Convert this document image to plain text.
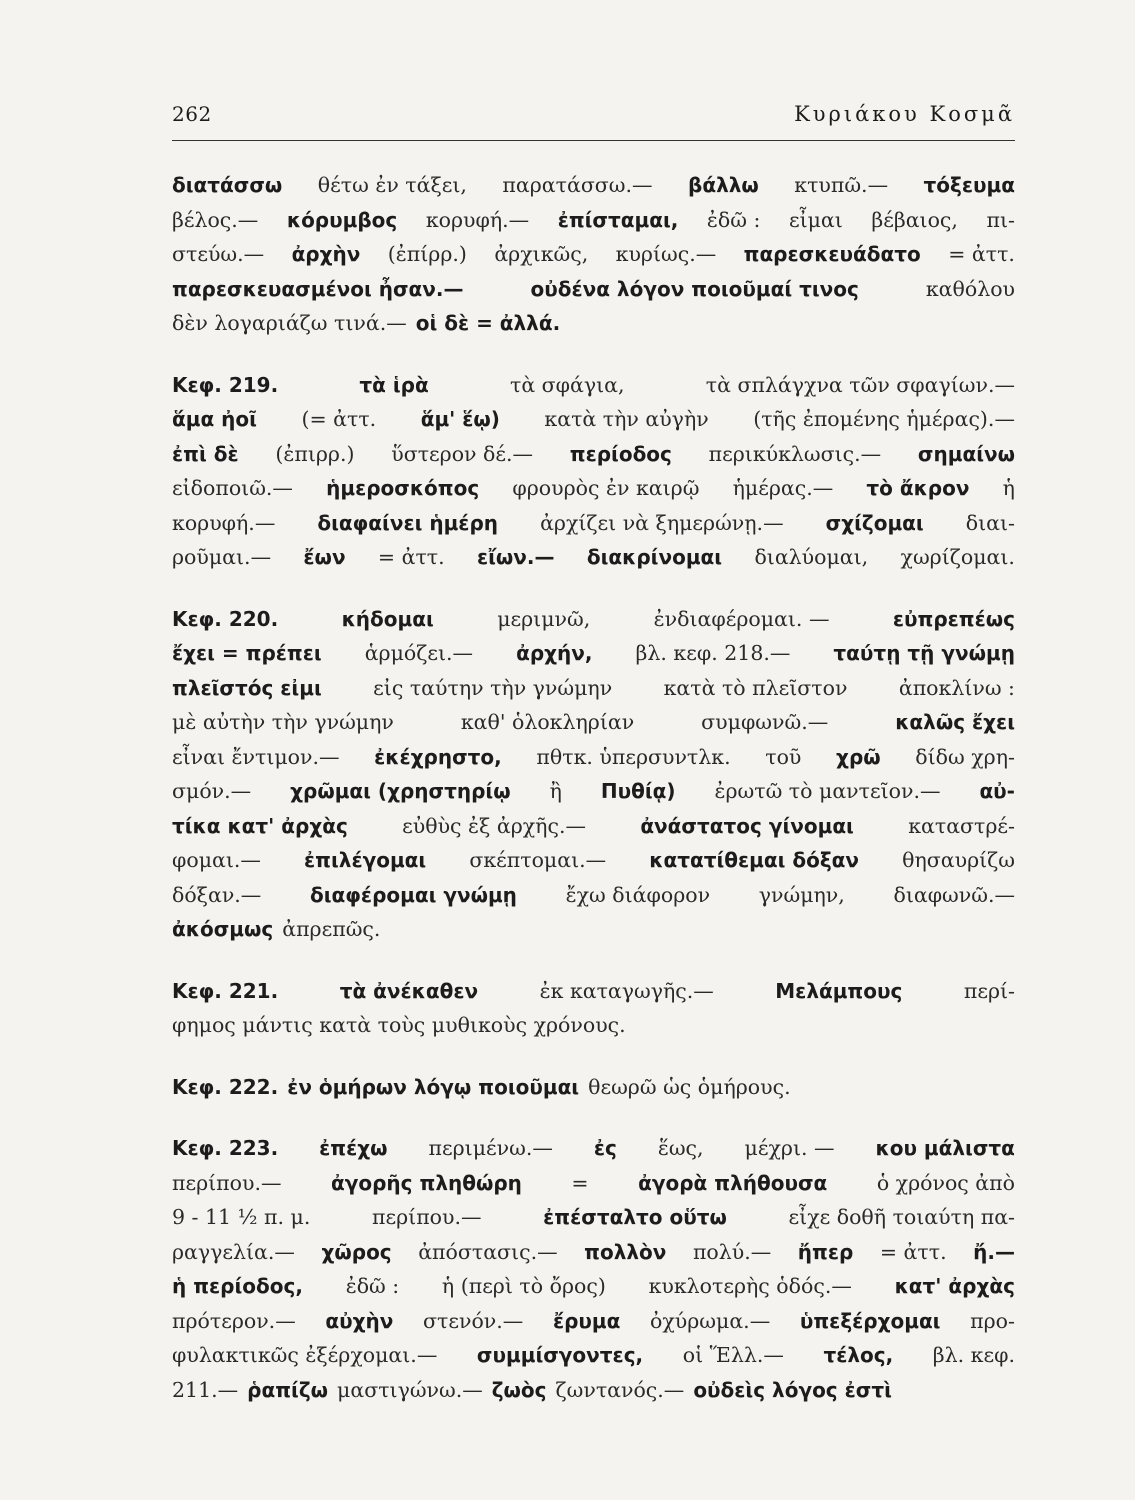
262	Κυριάκου Κοσμᾶ
διατάσσω θέτω ἐν τάξει, παρατάσσω.— βάλλω κτυπῶ.— τόξευμα
βέλος.— κόρυμβος κορυφή.— ἐπίσταμαι, ἐδῶ : εἶμαι βέβαιος, πι-
στεύω.— ἀρχὴν (ἐπίρρ.) ἀρχικῶς, κυρίως.— παρεσκευάδατο = ἀττ.
παρεσκευασμένοι ἦσαν.—	οὐδένα λόγον ποιοῦμαί τινος	καθόλου
δὲν λογαριάζω τινά.— οἱ δὲ = ἀλλά.
Κεφ. 219.	τὰ ἱρὰ	τὰ σφάγια,	τὰ σπλάγχνα τῶν σφαγίων.—
ἅμα ἠοῖ (= ἀττ. ἅμ' ἕῳ) κατὰ τὴν αὐγὴν (τῆς ἐπομένης ἡμέρας).—
ἐπὶ δὲ (ἐπιρρ.) ὕστερον δέ.— περίοδος περικύκλωσις.— σημαίνω
εἰδοποιῶ.— ἡμεροσκόπος φρουρὸς ἐν καιρῷ ἡμέρας.— τὸ ἄκρον ἡ
κορυφή.— διαφαίνει ἡμέρη ἀρχίζει νὰ ξημερώνῃ.— σχίζομαι διαι-
ροῦμαι.— ἔων = ἀττ. εἴων.— διακρίνομαι διαλύομαι, χωρίζομαι.
Κεφ. 220.	κήδομαι	μεριμνῶ,	ἐνδιαφέρομαι. —	εὐπρεπέως
ἔχει = πρέπει ἁρμόζει.— ἀρχήν, βλ. κεφ. 218.— ταύτῃ τῇ γνώμῃ
πλεῖστός εἰμι	εἰς ταύτην τὴν γνώμην	κατὰ τὸ πλεῖστον	ἀποκλίνω :
μὲ αὐτὴν τὴν γνώμην	καθ' ὁλοκληρίαν	συμφωνῶ.—	καλῶς ἔχει
εἶναι ἔντιμον.— ἐκέχρηστο, πθτκ. ὑπερσυντλκ. τοῦ χρῶ δίδω χρη-
σμόν.— χρῶμαι (χρηστηρίῳ ἢ Πυθίᾳ) ἐρωτῶ τὸ μαντεῖον.— αὐ-
τίκα κατ' ἀρχὰς	εὐθὺς ἐξ ἀρχῆς.—	ἀνάστατος γίνομαι	καταστρέ-
φομαι.— ἐπιλέγομαι σκέπτομαι.— κατατίθεμαι δόξαν θησαυρίζω
δόξαν.— διαφέρομαι γνώμῃ ἔχω διάφορον γνώμην, διαφωνῶ.—
ἀκόσμως ἀπρεπῶς.
Κεφ. 221.	τὰ ἀνέκαθεν	ἐκ καταγωγῆς.—	Μελάμπους	περί-
φημος μάντις κατὰ τοὺς μυθικοὺς χρόνους.
Κεφ. 222. ἐν ὁμήρων λόγῳ ποιοῦμαι θεωρῶ ὡς ὁμήρους.
Κεφ. 223. ἐπέχω περιμένω.— ἐς ἕως, μέχρι. — κου μάλιστα
περίπου.— ἀγορῆς πληθώρη = ἀγορὰ πλήθουσα ὁ χρόνος ἀπὸ
9 - 11 ½ π. μ.	περίπου.—	ἐπέσταλτο οὕτω	εἶχε δοθῆ τοιαύτη πα-
ραγγελία.— χῶρος ἀπόστασις.— πολλὸν πολύ.— ἤπερ = ἀττ. ἤ.—
ἡ περίοδος, ἐδῶ : ἡ (περὶ τὸ ὄρος) κυκλοτερὴς ὁδός.— κατ' ἀρχὰς
πρότερον.— αὐχὴν στενόν.— ἔρυμα ὀχύρωμα.— ὑπεξέρχομαι προ-
φυλακτικῶς ἐξέρχομαι.— συμμίσγοντες, οἱ Ἕλλ.— τέλος, βλ. κεφ.
211.— ῥαπίζω μαστιγώνω.— ζωὸς ζωντανός.— οὐδεὶς λόγος ἐστὶ
